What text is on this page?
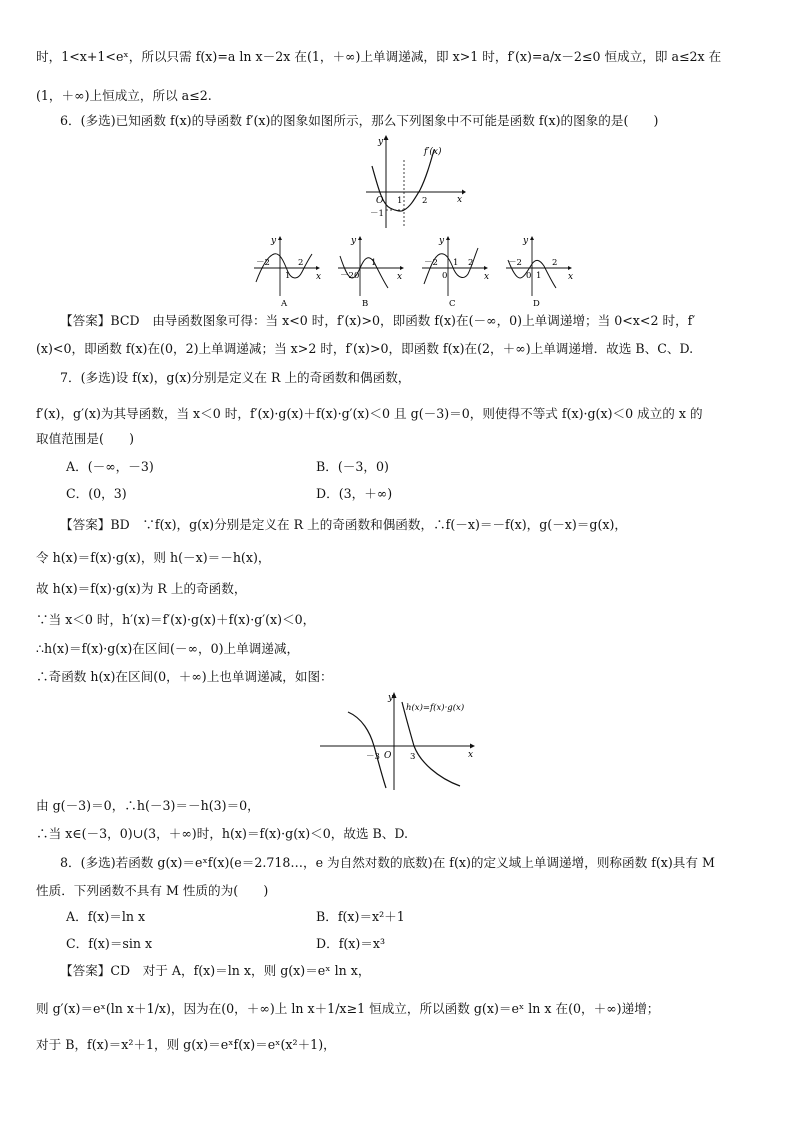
时，1<x+1<eˣ，所以只需 f(x)=a ln x－2x 在(1，＋∞)上单调递减，即 x>1 时，f′(x)=a/x－2≤0 恒成立，即 a≤2x 在
(1，＋∞)上恒成立，所以 a≤2.
6．(多选)已知函数 f(x)的导函数 f′(x)的图象如图所示，那么下列图象中不可能是函数 f(x)的图象的是(　　)
f′(x)
y
x
O
－1
1 2
y
x
－2
1
2
A
y
x
－2 0
1
B
y
x
－2
0
1 2
C
y
x
－2
0 1
2
D
【答案】BCD　由导函数图象可得：当 x<0 时，f′(x)>0，即函数 f(x)在(－∞，0)上单调递增；当 0<x<2 时，f′
(x)<0，即函数 f(x)在(0，2)上单调递减；当 x>2 时，f′(x)>0，即函数 f(x)在(2，＋∞)上单调递增．故选 B、C、D.
7．(多选)设 f(x)，g(x)分别是定义在 R 上的奇函数和偶函数，
f′(x)，g′(x)为其导函数，当 x＜0 时，f′(x)·g(x)＋f(x)·g′(x)＜0 且 g(－3)＝0，则使得不等式 f(x)·g(x)＜0 成立的 x 的
取值范围是(　　)
A．(－∞，－3)	B．(－3，0)
C．(0，3)	D．(3，＋∞)
【答案】BD　∵f(x)，g(x)分别是定义在 R 上的奇函数和偶函数，∴f(－x)＝－f(x)，g(－x)＝g(x)，
令 h(x)＝f(x)·g(x)，则 h(－x)＝－h(x)，
故 h(x)＝f(x)·g(x)为 R 上的奇函数，
∵当 x＜0 时，h′(x)＝f′(x)·g(x)＋f(x)·g′(x)＜0，
∴h(x)＝f(x)·g(x)在区间(－∞，0)上单调递减，
∴奇函数 h(x)在区间(0，＋∞)上也单调递减，如图：
y
x
h(x)=f(x)·g(x)
O
－3	3
由 g(－3)＝0，∴h(－3)＝－h(3)＝0，
∴当 x∈(－3，0)∪(3，＋∞)时，h(x)＝f(x)·g(x)＜0，故选 B、D.
8．(多选)若函数 g(x)＝eˣf(x)(e＝2.718…，e 为自然对数的底数)在 f(x)的定义域上单调递增，则称函数 f(x)具有 M
性质．下列函数不具有 M 性质的为(　　)
A．f(x)＝ln x	B．f(x)＝x²＋1
C．f(x)＝sin x	D．f(x)＝x³
【答案】CD　对于 A，f(x)＝ln x，则 g(x)＝eˣ ln x，
则 g′(x)＝eˣ(ln x＋1/x)，因为在(0，＋∞)上 ln x＋1/x≥1 恒成立，所以函数 g(x)＝eˣ ln x 在(0，＋∞)递增；
对于 B，f(x)＝x²＋1，则 g(x)＝eˣf(x)＝eˣ(x²＋1)，
